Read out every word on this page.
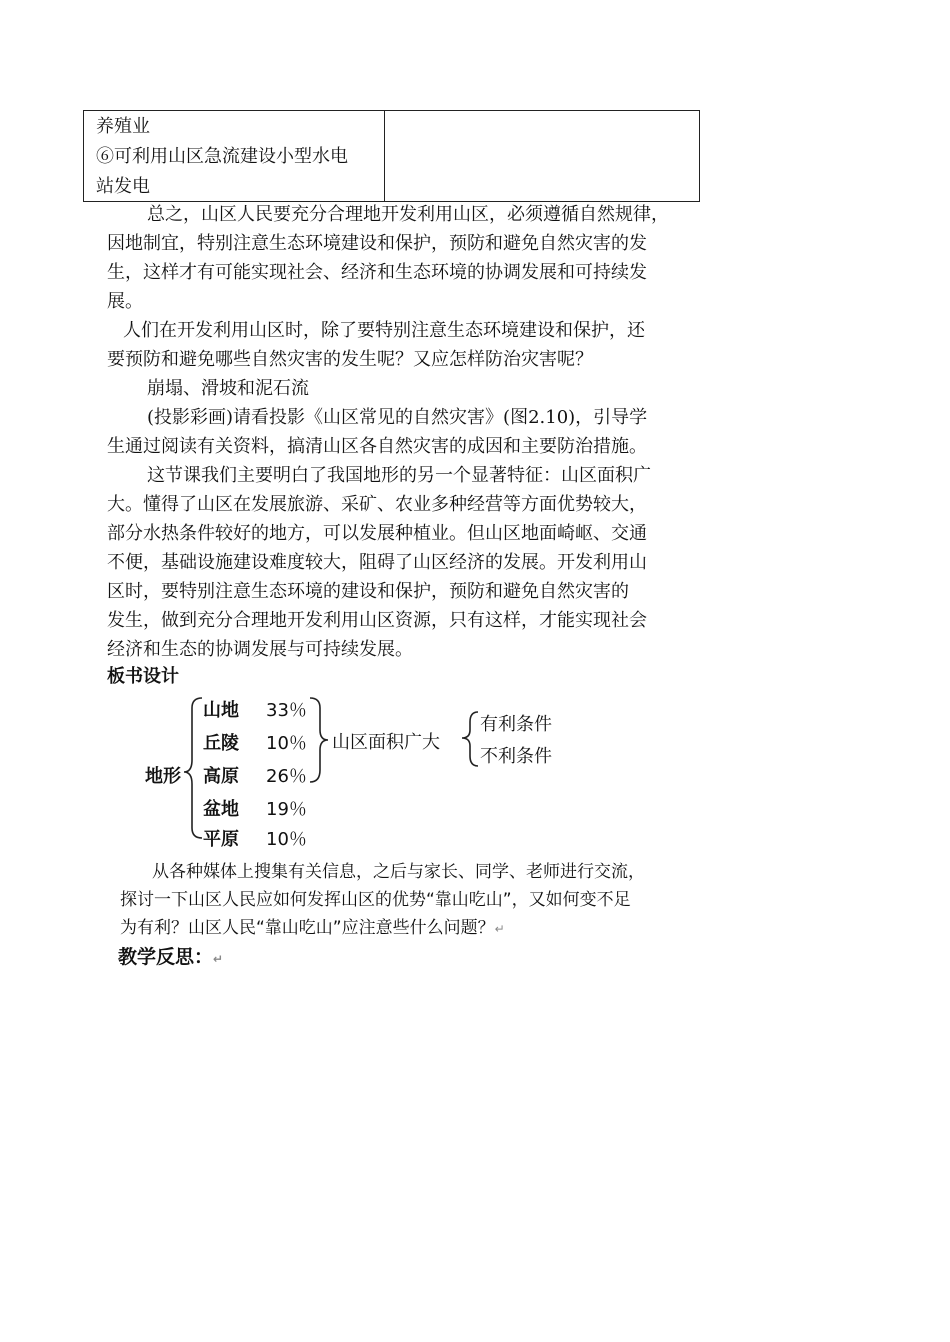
养殖业
⑥可利用山区急流建设小型水电
站发电

总之，山区人民要充分合理地开发利用山区，必须遵循自然规律，
因地制宜，特别注意生态环境建设和保护，预防和避免自然灾害的发
生，这样才有可能实现社会、经济和生态环境的协调发展和可持续发
展。
人们在开发利用山区时，除了要特别注意生态环境建设和保护，还
要预防和避免哪些自然灾害的发生呢？又应怎样防治灾害呢？
崩塌、滑坡和泥石流
(投影彩画)请看投影《山区常见的自然灾害》(图2.10)，引导学
生通过阅读有关资料，搞清山区各自然灾害的成因和主要防治措施。
这节课我们主要明白了我国地形的另一个显著特征：山区面积广
大。懂得了山区在发展旅游、采矿、农业多种经营等方面优势较大，
部分水热条件较好的地方，可以发展种植业。但山区地面崎岖、交通
不便，基础设施建设难度较大，阻碍了山区经济的发展。开发利用山
区时，要特别注意生态环境的建设和保护，预防和避免自然灾害的
发生，做到充分合理地开发利用山区资源，只有这样，才能实现社会
经济和生态的协调发展与可持续发展。
板书设计
地形
山地 33％
丘陵 10％
高原 26％
盆地 19％
平原 10％
山区面积广大
有利条件
不利条件
从各种媒体上搜集有关信息，之后与家长、同学、老师进行交流，
探讨一下山区人民应如何发挥山区的优势“靠山吃山”，又如何变不足
为有利？山区人民“靠山吃山”应注意些什么问题？↵
教学反思：↵
